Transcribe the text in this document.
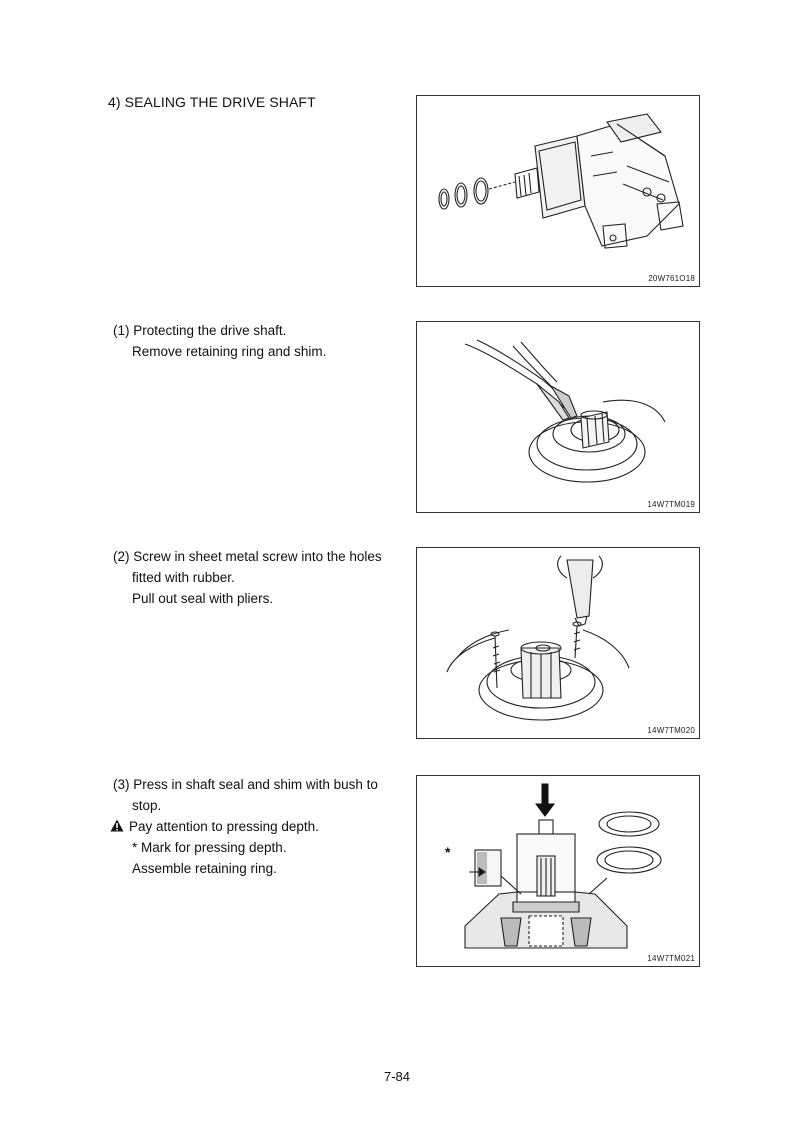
4) SEALING THE DRIVE SHAFT
20W761O18
(1) Protecting the drive shaft.
Remove retaining ring and shim.
14W7TM019
(2) Screw in sheet metal screw into the holes
fitted with rubber.
Pull out seal with pliers.
14W7TM020
(3) Press in shaft seal and shim with bush to
stop.
Pay attention to pressing depth.
* Mark for pressing depth.
Assemble retaining ring.
*
14W7TM021
7-84
